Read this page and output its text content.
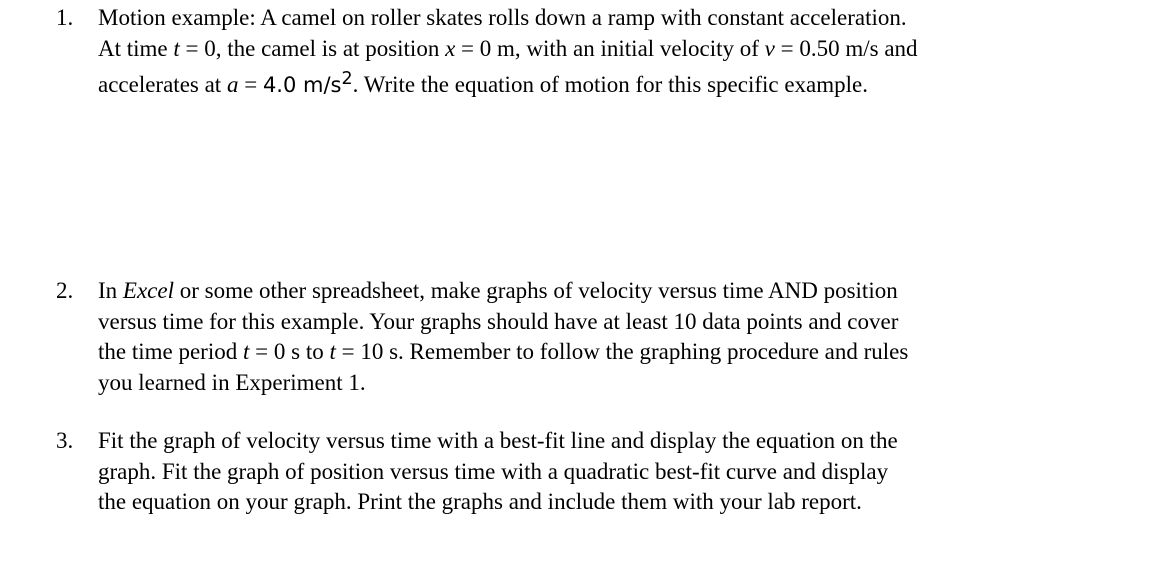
1.	Motion example: A camel on roller skates rolls down a ramp with constant acceleration.
At time t = 0, the camel is at position x = 0 m, with an initial velocity of v = 0.50 m/s and
accelerates at a = 4.0 $m/s^2$. Write the equation of motion for this specific example.
2.	In Excel or some other spreadsheet, make graphs of velocity versus time AND position
versus time for this example. Your graphs should have at least 10 data points and cover
the time period t = 0 s to t = 10 s. Remember to follow the graphing procedure and rules
you learned in Experiment 1.
3.	Fit the graph of velocity versus time with a best-fit line and display the equation on the
graph. Fit the graph of position versus time with a quadratic best-fit curve and display
the equation on your graph. Print the graphs and include them with your lab report.
